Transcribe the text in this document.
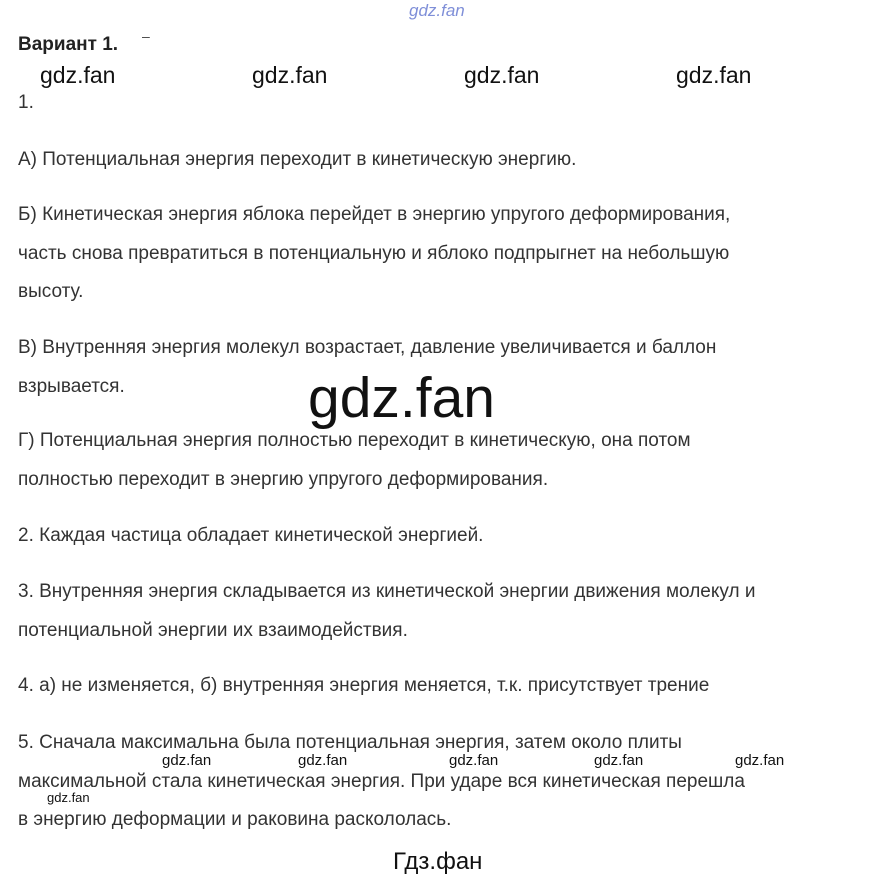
gdz.fan
Вариант 1. –
gdz.fan	gdz.fan	gdz.fan	gdz.fan
1.
А) Потенциальная энергия переходит в кинетическую энергию.
Б) Кинетическая энергия яблока перейдет в энергию упругого деформирования,
часть снова превратиться в потенциальную и яблоко подпрыгнет на небольшую
высоту.
В) Внутренняя энергия молекул возрастает, давление увеличивается и баллон
взрывается.	gdz.fan
Г) Потенциальная энергия полностью переходит в кинетическую, она потом
полностью переходит в энергию упругого деформирования.
2. Каждая частица обладает кинетической энергией.
3. Внутренняя энергия складывается из кинетической энергии движения молекул и
потенциальной энергии их взаимодействия.
4. а) не изменяется, б) внутренняя энергия меняется, т.к. присутствует трение
5. Сначала максимальна была потенциальная энергия, затем около плиты
максимальной стала кинетическая энергия. При ударе вся кинетическая перешла
в энергию деформации и раковина раскололась.
gdz.fan	gdz.fan	gdz.fan	gdz.fan	gdz.fan
gdz.fan
Гдз.фан
